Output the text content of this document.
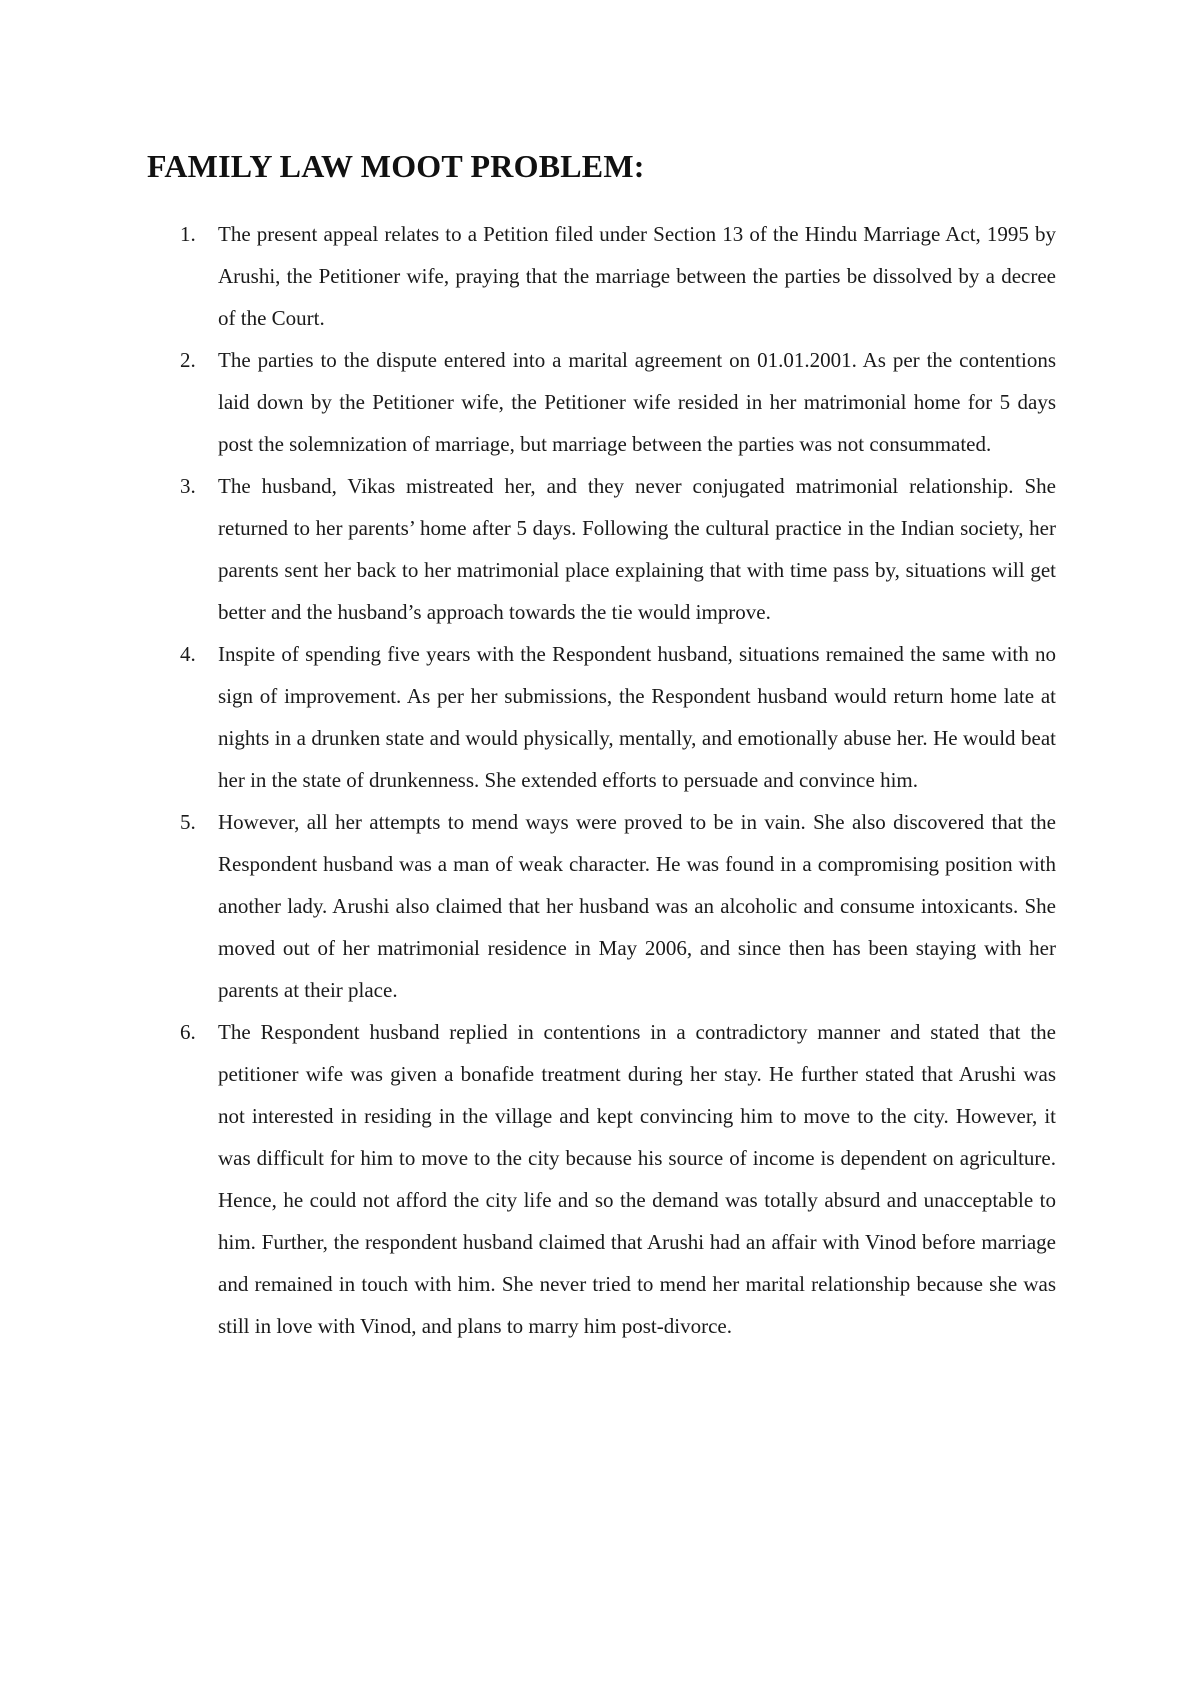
FAMILY LAW MOOT PROBLEM:
1. The present appeal relates to a Petition filed under Section 13 of the Hindu Marriage Act, 1995 by Arushi, the Petitioner wife, praying that the marriage between the parties be dissolved by a decree of the Court.

2. The parties to the dispute entered into a marital agreement on 01.01.2001. As per the contentions laid down by the Petitioner wife, the Petitioner wife resided in her matrimonial home for 5 days post the solemnization of marriage, but marriage between the parties was not consummated.

3. The husband, Vikas mistreated her, and they never conjugated matrimonial relationship. She returned to her parents’ home after 5 days. Following the cultural practice in the Indian society, her parents sent her back to her matrimonial place explaining that with time pass by, situations will get better and the husband’s approach towards the tie would improve.

4. Inspite of spending five years with the Respondent husband, situations remained the same with no sign of improvement. As per her submissions, the Respondent husband would return home late at nights in a drunken state and would physically, mentally, and emotionally abuse her. He would beat her in the state of drunkenness. She extended efforts to persuade and convince him.

5. However, all her attempts to mend ways were proved to be in vain. She also discovered that the Respondent husband was a man of weak character. He was found in a compromising position with another lady. Arushi also claimed that her husband was an alcoholic and consume intoxicants. She moved out of her matrimonial residence in May 2006, and since then has been staying with her parents at their place.

6. The Respondent husband replied in contentions in a contradictory manner and stated that the petitioner wife was given a bonafide treatment during her stay. He further stated that Arushi was not interested in residing in the village and kept convincing him to move to the city. However, it was difficult for him to move to the city because his source of income is dependent on agriculture. Hence, he could not afford the city life and so the demand was totally absurd and unacceptable to him. Further, the respondent husband claimed that Arushi had an affair with Vinod before marriage and remained in touch with him. She never tried to mend her marital relationship because she was still in love with Vinod, and plans to marry him post-divorce.
